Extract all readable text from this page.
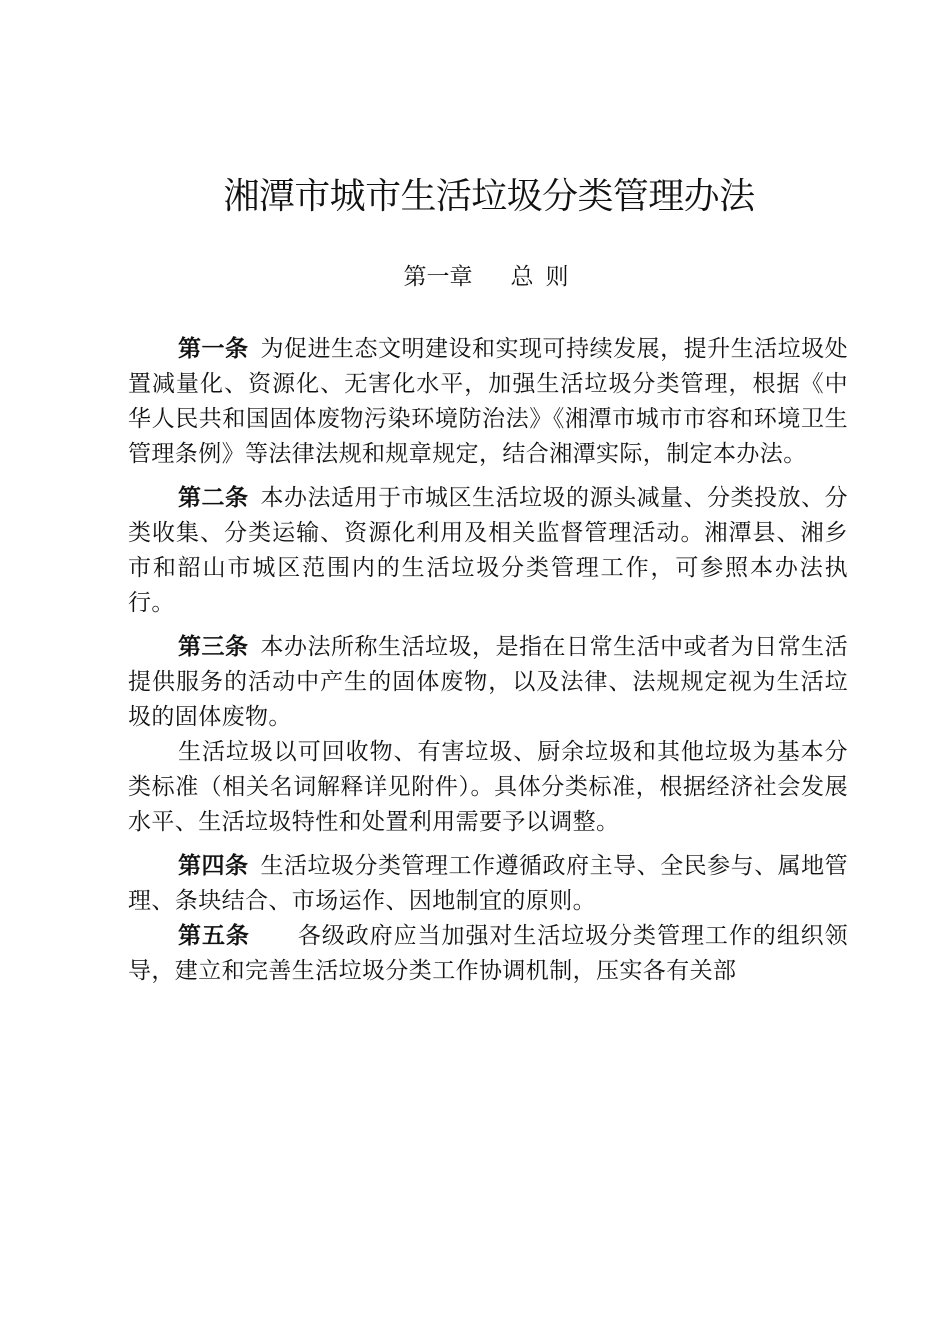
湘潭市城市生活垃圾分类管理办法
第一章 总 则

第一条 为促进生态文明建设和实现可持续发展，提升生活垃圾处置减量化、资源化、无害化水平，加强生活垃圾分类管理，根据《中华人民共和国固体废物污染环境防治法》《湘潭市城市市容和环境卫生管理条例》等法律法规和规章规定，结合湘潭实际，制定本办法。

第二条 本办法适用于市城区生活垃圾的源头减量、分类投放、分类收集、分类运输、资源化利用及相关监督管理活动。湘潭县、湘乡市和韶山市城区范围内的生活垃圾分类管理工作，可参照本办法执行。

第三条 本办法所称生活垃圾，是指在日常生活中或者为日常生活提供服务的活动中产生的固体废物，以及法律、法规规定视为生活垃圾的固体废物。

生活垃圾以可回收物、有害垃圾、厨余垃圾和其他垃圾为基本分类标准（相关名词解释详见附件）。具体分类标准，根据经济社会发展水平、生活垃圾特性和处置利用需要予以调整。

第四条 生活垃圾分类管理工作遵循政府主导、全民参与、属地管理、条块结合、市场运作、因地制宜的原则。

第五条 各级政府应当加强对生活垃圾分类管理工作的组织领导，建立和完善生活垃圾分类工作协调机制，压实各有关部
